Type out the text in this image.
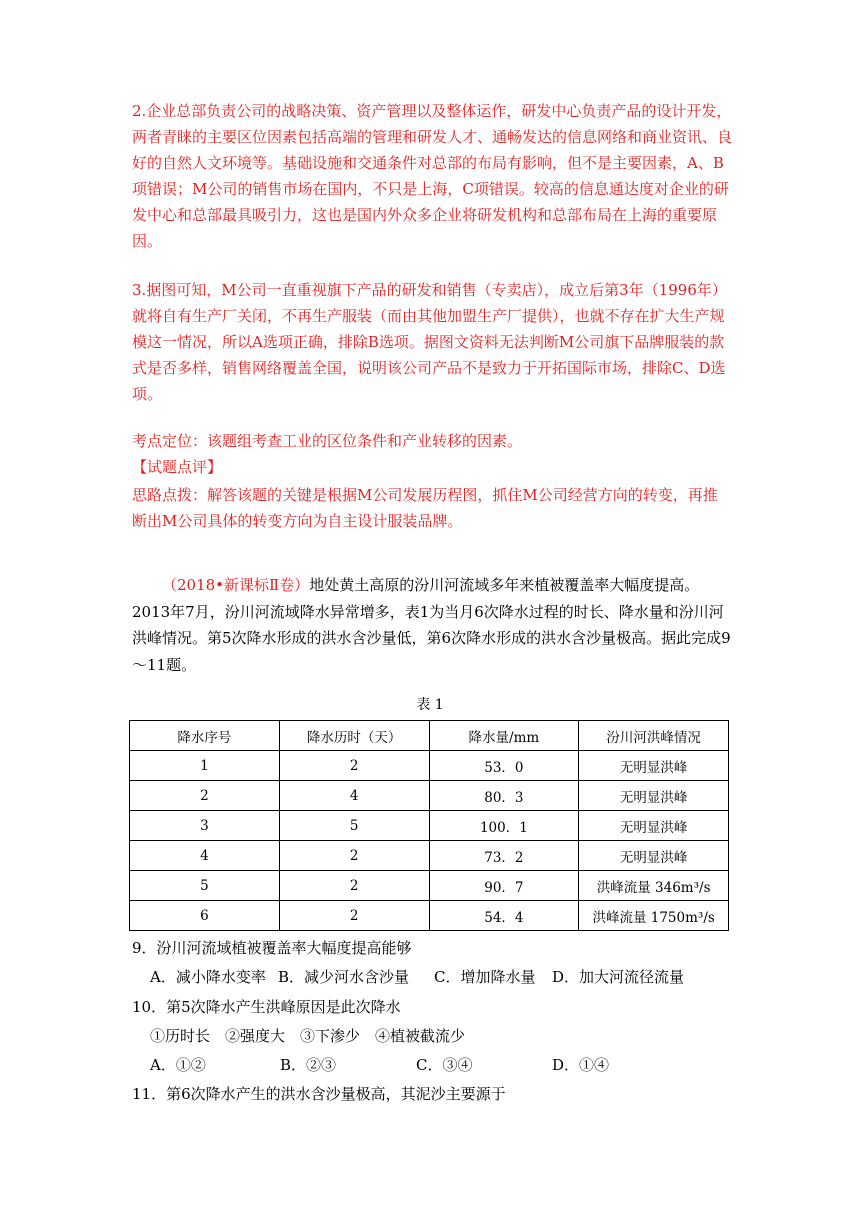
2.企业总部负责公司的战略决策、资产管理以及整体运作，研发中心负责产品的设计开发，两者青睐的主要区位因素包括高端的管理和研发人才、通畅发达的信息网络和商业资讯、良好的自然人文环境等。基础设施和交通条件对总部的布局有影响，但不是主要因素，A、B项错误；M公司的销售市场在国内，不只是上海，C项错误。较高的信息通达度对企业的研发中心和总部最具吸引力，这也是国内外众多企业将研发机构和总部布局在上海的重要原因。
3.据图可知，M公司一直重视旗下产品的研发和销售（专卖店），成立后第3年（1996年）就将自有生产厂关闭，不再生产服装（而由其他加盟生产厂提供），也就不存在扩大生产规模这一情况，所以A选项正确，排除B选项。据图文资料无法判断M公司旗下品牌服装的款式是否多样，销售网络覆盖全国，说明该公司产品不是致力于开拓国际市场，排除C、D选项。
考点定位：该题组考查工业的区位条件和产业转移的因素。
【试题点评】
思路点拨：解答该题的关键是根据M公司发展历程图，抓住M公司经营方向的转变，再推断出M公司具体的转变方向为自主设计服装品牌。
（2018•新课标Ⅱ卷）地处黄土高原的汾川河流域多年来植被覆盖率大幅度提高。2013年7月，汾川河流域降水异常增多，表1为当月6次降水过程的时长、降水量和汾川河洪峰情况。第5次降水形成的洪水含沙量低，第6次降水形成的洪水含沙量极高。据此完成9～11题。
表 1
降水序号	降水历时（天）	降水量/mm	汾川河洪峰情况
1	2	53．0	无明显洪峰
2	4	80．3	无明显洪峰
3	5	100．1	无明显洪峰
4	2	73．2	无明显洪峰
5	2	90．7	洪峰流量 346m³/s
6	2	54．4	洪峰流量 1750m³/s
9．汾川河流域植被覆盖率大幅度提高能够
A．减小降水变率 B．减少河水含沙量 C．增加降水量 D．加大河流径流量
10．第5次降水产生洪峰原因是此次降水
①历时长　②强度大　③下渗少　④植被截流少
A．①②	B．②③	C．③④	D．①④
11．第6次降水产生的洪水含沙量极高，其泥沙主要源于
